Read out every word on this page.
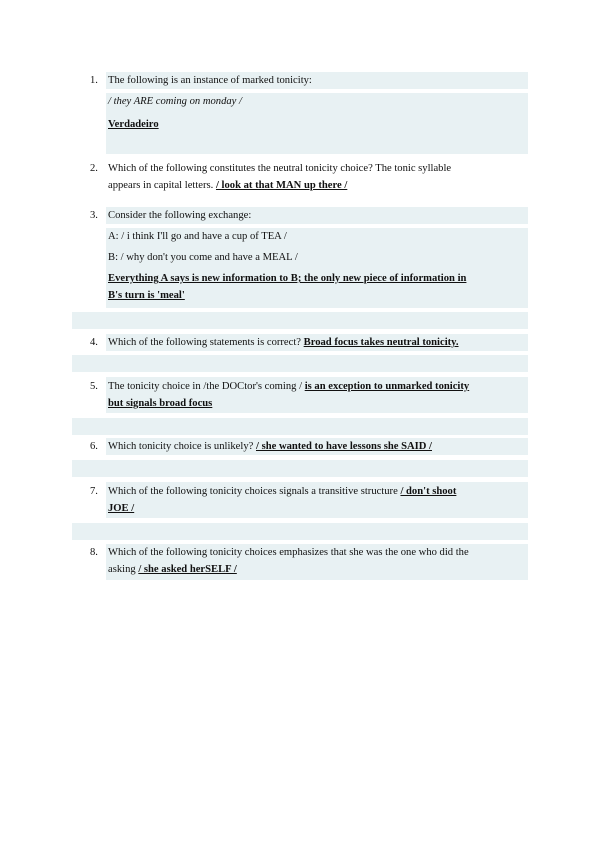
1. The following is an instance of marked tonicity:
/ they ARE coming on monday /
Verdadeiro
2. Which of the following constitutes the neutral tonicity choice? The tonic syllable
appears in capital letters. / look at that MAN up there /
3. Consider the following exchange:
A: / i think I'll go and have a cup of TEA /
B: / why don't you come and have a MEAL /
Everything A says is new information to B; the only new piece of information in
B's turn is 'meal'
4. Which of the following statements is correct? Broad focus takes neutral tonicity.
5. The tonicity choice in /the DOCtor's coming / is an exception to unmarked tonicity
but signals broad focus
6. Which tonicity choice is unlikely? / she wanted to have lessons she SAID /
7. Which of the following tonicity choices signals a transitive structure / don't shoot
JOE /
8. Which of the following tonicity choices emphasizes that she was the one who did the
asking / she asked herSELF /
